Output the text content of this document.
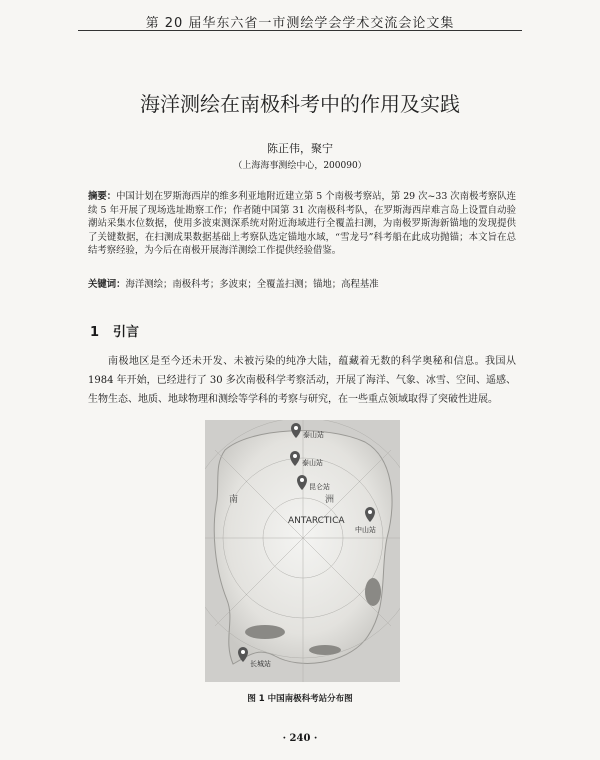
第 20 届华东六省一市测绘学会学术交流会论文集
海洋测绘在南极科考中的作用及实践
陈正伟，聚宁
（上海海事测绘中心，200090）
摘要：中国计划在罗斯海西岸的维多利亚地附近建立第 5 个南极考察站，第 29 次~33 次南极考察队连续 5 年开展了现场选址勘察工作；作者随中国第 31 次南极科考队，在罗斯海西岸难言岛上设置自动验潮站采集水位数据，使用多波束测深系统对附近海域进行全覆盖扫测，为南极罗斯海新锚地的发现提供了关键数据，在扫测成果数据基础上考察队选定锚地水域，“雪龙号”科考船在此成功抛锚；本文旨在总结考察经验，为今后在南极开展海洋测绘工作提供经验借鉴。
关键词：海洋测绘；南极科考；多波束；全覆盖扫测；锚地；高程基准
1 引言
南极地区是至今还未开发、未被污染的纯净大陆，蕴藏着无数的科学奥秘和信息。我国从1984 年开始，已经进行了 30 多次南极科学考察活动，开展了海洋、气象、冰雪、空间、遥感、生物生态、地质、地球物理和测绘等学科的考察与研究，在一些重点领域取得了突破性进展。
ANTARCTICA
南	洲
泰山站
泰山站
昆仑站
长城站
中山站
图 1 中国南极科考站分布图
· 240 ·
